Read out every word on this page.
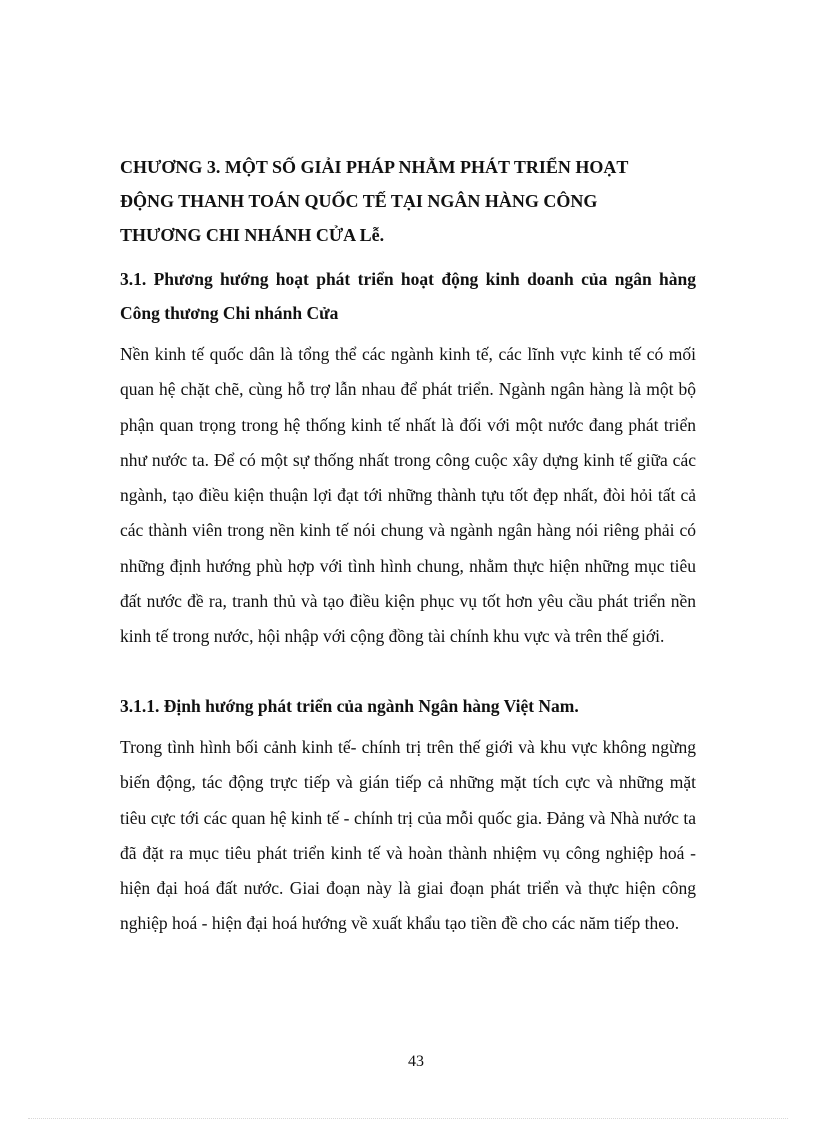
CHƯƠNG 3. MỘT SỐ GIẢI PHÁP NHẰM PHÁT TRIỂN HOẠT
ĐỘNG THANH TOÁN QUỐC TẾ TẠI NGÂN HÀNG CÔNG
THƯƠNG CHI NHÁNH CỬA Lễ.
3.1. Phương hướng hoạt phát triển hoạt động kinh doanh của ngân hàng Công thương Chi nhánh Cửa

Nền kinh tế quốc dân là tổng thể các ngành kinh tế, các lĩnh vực kinh tế có mối quan hệ chặt chẽ, cùng hỗ trợ lẫn nhau để phát triển. Ngành ngân hàng là một bộ phận quan trọng trong hệ thống kinh tế nhất là đối với một nước đang phát triển như nước ta. Để có một sự thống nhất trong công cuộc xây dựng kinh tế giữa các ngành, tạo điều kiện thuận lợi đạt tới những thành tựu tốt đẹp nhất, đòi hỏi tất cả các thành viên trong nền kinh tế nói chung và ngành ngân hàng nói riêng phải có những định hướng phù hợp với tình hình chung, nhằm thực hiện những mục tiêu đất nước đề ra, tranh thủ và tạo điều kiện phục vụ tốt hơn yêu cầu phát triển nền kinh tế trong nước, hội nhập với cộng đồng tài chính khu vực và trên thế giới.

3.1.1. Định hướng phát triển của ngành Ngân hàng Việt Nam.

Trong tình hình bối cảnh kinh tế- chính trị trên thế giới và khu vực không ngừng biến động, tác động trực tiếp và gián tiếp cả những mặt tích cực và những mặt tiêu cực tới các quan hệ kinh tế - chính trị của mỗi quốc gia. Đảng và Nhà nước ta đã đặt ra mục tiêu phát triển kinh tế và hoàn thành nhiệm vụ công nghiệp hoá - hiện đại hoá đất nước. Giai đoạn này là giai đoạn phát triển và thực hiện công nghiệp hoá - hiện đại hoá hướng về xuất khẩu tạo tiền đề cho các năm tiếp theo.

43
